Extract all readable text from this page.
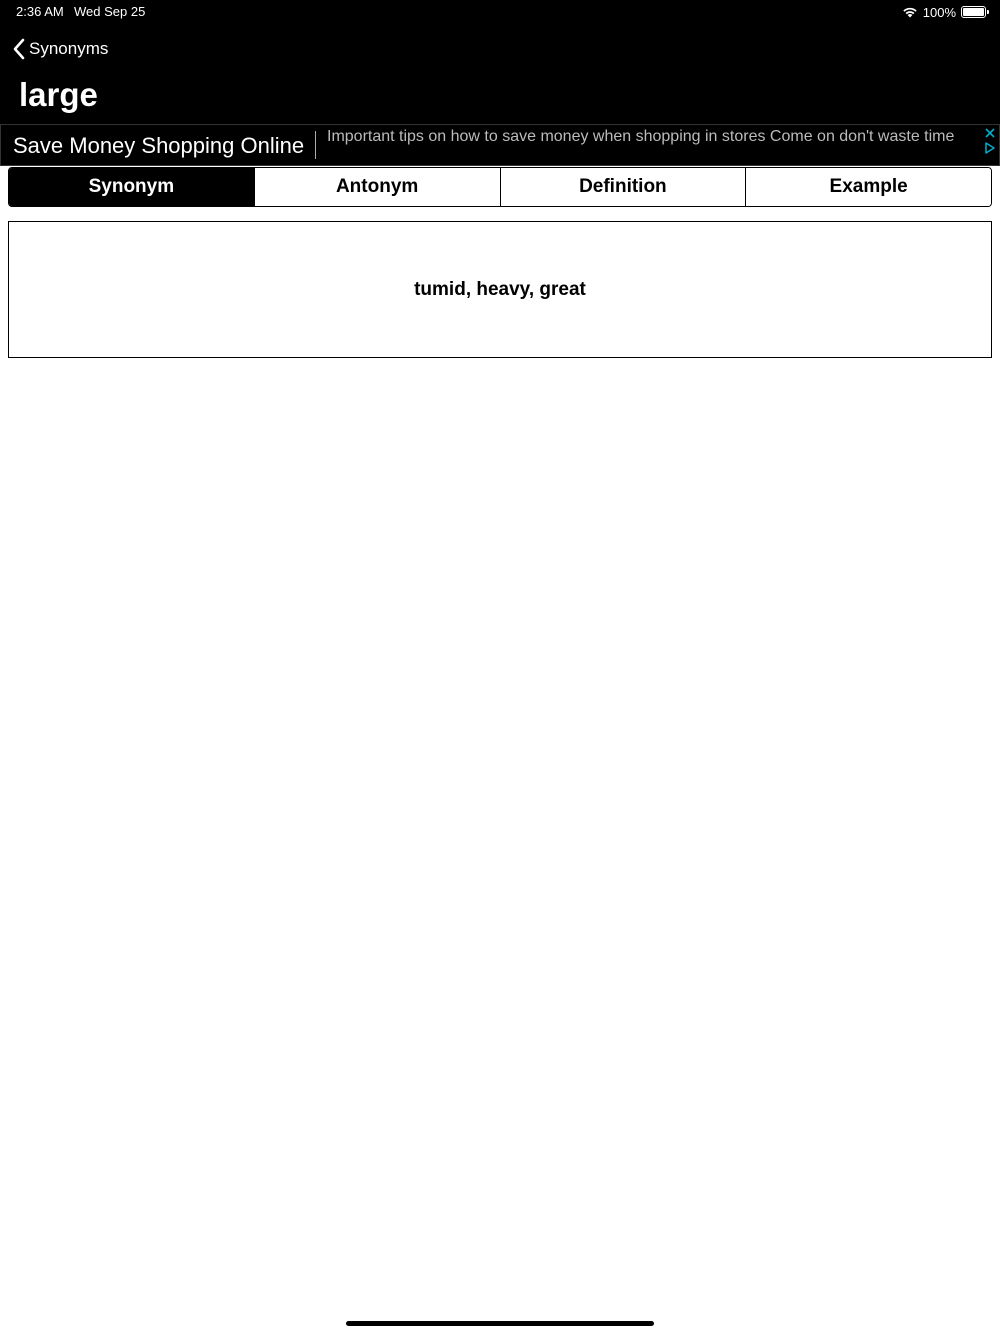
2:36 AM Wed Sep 25	100%
Synonyms
large
Save Money Shopping Online Important tips on how to save money when shopping in stores Come on don't waste time
Synonym	Antonym	Definition	Example
tumid, heavy, great
